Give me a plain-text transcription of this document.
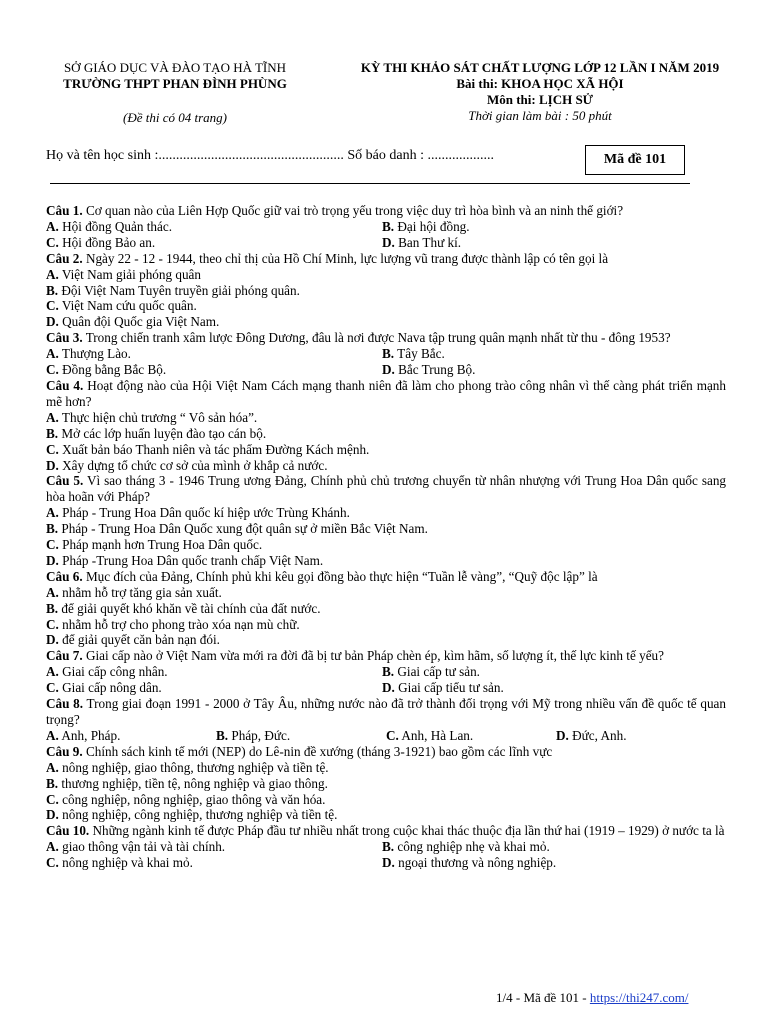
SỞ GIÁO DỤC VÀ ĐÀO TẠO HÀ TĨNH
TRƯỜNG THPT PHAN ĐÌNH PHÙNG
(Đề thi có 04 trang)
KỲ THI KHẢO SÁT CHẤT LƯỢNG LỚP 12 LẦN I NĂM 2019
Bài thi: KHOA HỌC XÃ HỘI
Môn thi: LỊCH SỬ
Thời gian làm bài : 50 phút
Họ và tên học sinh :..................................................... Số báo danh : ...................	Mã đề 101
Câu 1. Cơ quan nào của Liên Hợp Quốc giữ vai trò trọng yếu trong việc duy trì hòa bình và an ninh thế giới?
A. Hội đồng Quản thác.	B. Đại hội đồng.
C. Hội đồng Bảo an.	D. Ban Thư kí.
Câu 2. Ngày 22 - 12 - 1944, theo chỉ thị của Hồ Chí Minh, lực lượng vũ trang được thành lập có tên gọi là
A. Việt Nam giải phóng quân
B. Đội Việt Nam Tuyên truyền giải phóng quân.
C. Việt Nam cứu quốc quân.
D. Quân đội Quốc gia Việt Nam.
Câu 3. Trong chiến tranh xâm lược Đông Dương, đâu là nơi được Nava tập trung quân mạnh nhất từ thu - đông 1953?
A. Thượng Lào.	B. Tây Bắc.
C. Đồng bằng Bắc Bộ.	D. Bắc Trung Bộ.
Câu 4. Hoạt động nào của Hội Việt Nam Cách mạng thanh niên đã làm cho phong trào công nhân vì thế càng phát triển mạnh mẽ hơn?
A. Thực hiện chủ trương “ Vô sản hóa”.
B. Mở các lớp huấn luyện đào tạo cán bộ.
C. Xuất bản báo Thanh niên và tác phẩm Đường Kách mệnh.
D. Xây dựng tổ chức cơ sở của mình ở khắp cả nước.
Câu 5. Vì sao tháng 3 - 1946 Trung ương Đảng, Chính phủ chủ trương chuyển từ nhân nhượng với Trung Hoa Dân quốc sang hòa hoãn với Pháp?
A. Pháp - Trung Hoa Dân quốc kí hiệp ước Trùng Khánh.
B. Pháp - Trung Hoa Dân Quốc xung đột quân sự ở miền Bắc Việt Nam.
C. Pháp mạnh hơn Trung Hoa Dân quốc.
D. Pháp -Trung Hoa Dân quốc tranh chấp Việt Nam.
Câu 6. Mục đích của Đảng, Chính phủ khi kêu gọi đồng bào thực hiện “Tuần lễ vàng”, “Quỹ độc lập” là
A. nhằm hỗ trợ tăng gia sản xuất.
B. để giải quyết khó khăn về tài chính của đất nước.
C. nhằm hỗ trợ cho phong trào xóa nạn mù chữ.
D. để giải quyết căn bản nạn đói.
Câu 7. Giai cấp nào ở Việt Nam vừa mới ra đời đã bị tư bản Pháp chèn ép, kìm hãm, số lượng ít, thế lực kinh tế yếu?
A. Giai cấp công nhân.	B. Giai cấp tư sản.
C. Giai cấp nông dân.	D. Giai cấp tiểu tư sản.
Câu 8. Trong giai đoạn 1991 - 2000 ở Tây Âu, những nước nào đã trở thành đối trọng với Mỹ trong nhiều vấn đề quốc tế quan trọng?
A. Anh, Pháp.	B. Pháp, Đức.	C. Anh, Hà Lan.	D. Đức, Anh.
Câu 9. Chính sách kinh tế mới (NEP) do Lê-nin đề xướng (tháng 3-1921) bao gồm các lĩnh vực
A. nông nghiệp, giao thông, thương nghiệp và tiền tệ.
B. thương nghiệp, tiền tệ, nông nghiệp và giao thông.
C. công nghiệp, nông nghiệp, giao thông và văn hóa.
D. nông nghiệp, công nghiệp, thương nghiệp và tiền tệ.
Câu 10. Những ngành kinh tế được Pháp đầu tư nhiều nhất trong cuộc khai thác thuộc địa lần thứ hai (1919 – 1929) ở nước ta là
A. giao thông vận tải và tài chính.	B. công nghiệp nhẹ và khai mỏ.
C. nông nghiệp và khai mỏ.	D. ngoại thương và nông nghiệp.
1/4 - Mã đề 101 - https://thi247.com/
